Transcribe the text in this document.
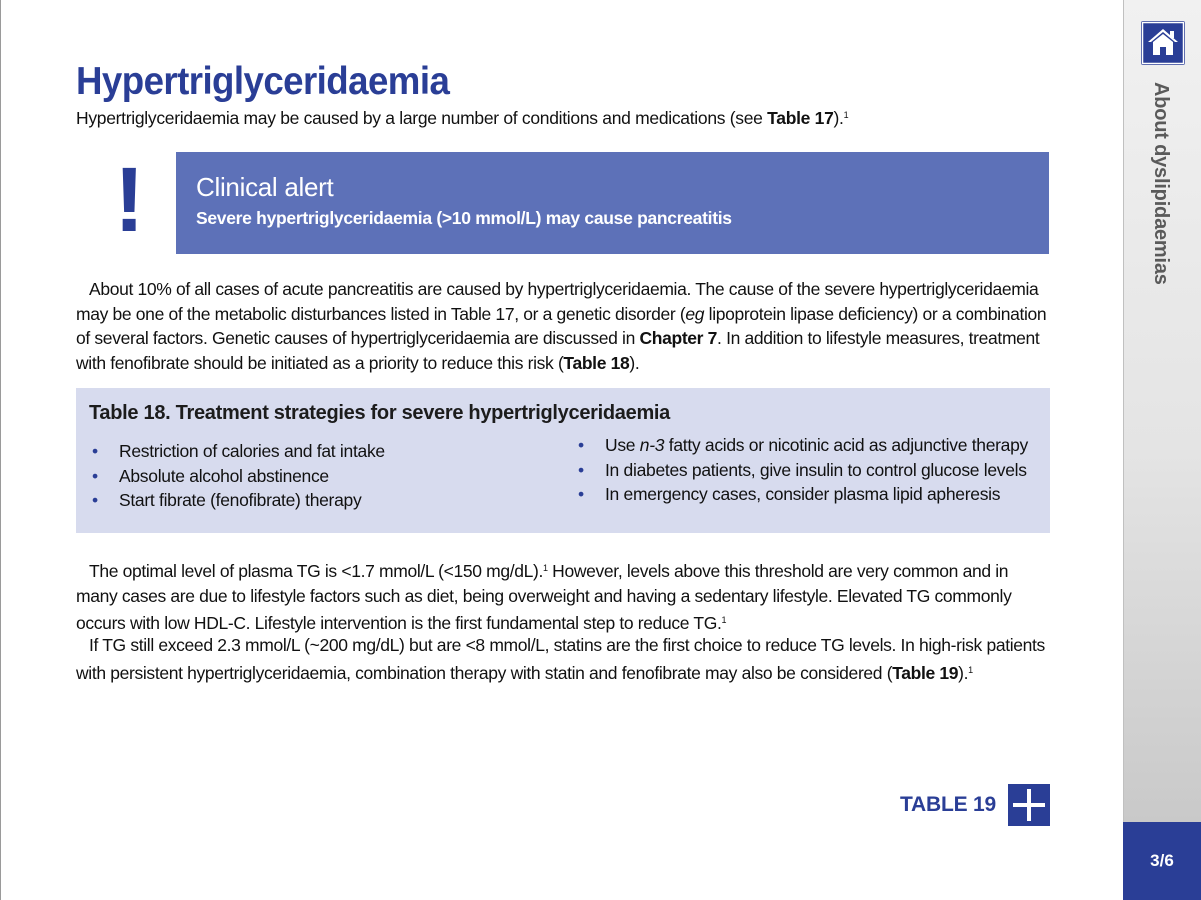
Hypertriglyceridaemia
Hypertriglyceridaemia may be caused by a large number of conditions and medications (see Table 17).$^1$
! Clinical alert
Severe hypertriglyceridaemia (>10 mmol/L) may cause pancreatitis

About 10% of all cases of acute pancreatitis are caused by hypertriglyceridaemia. The cause of the severe hypertriglyceridaemia may be one of the metabolic disturbances listed in Table 17, or a genetic disorder (eg lipoprotein lipase deficiency) or a combination of several factors. Genetic causes of hypertriglyceridaemia are discussed in Chapter 7. In addition to lifestyle measures, treatment with fenofibrate should be initiated as a priority to reduce this risk (Table 18).

Table 18. Treatment strategies for severe hypertriglyceridaemia
• Restriction of calories and fat intake
• Absolute alcohol abstinence
• Start fibrate (fenofibrate) therapy
• Use n-3 fatty acids or nicotinic acid as adjunctive therapy
• In diabetes patients, give insulin to control glucose levels
• In emergency cases, consider plasma lipid apheresis

The optimal level of plasma TG is <1.7 mmol/L (<150 mg/dL).$^1$ However, levels above this threshold are very common and in many cases are due to lifestyle factors such as diet, being overweight and having a sedentary lifestyle. Elevated TG commonly occurs with low HDL-C. Lifestyle intervention is the first fundamental step to reduce TG.$^1$

If TG still exceed 2.3 mmol/L (~200 mg/dL) but are <8 mmol/L, statins are the first choice to reduce TG levels. In high-risk patients with persistent hypertriglyceridaemia, combination therapy with statin and fenofibrate may also be considered (Table 19).$^1$

TABLE 19
About dyslipidaemias
3/6
